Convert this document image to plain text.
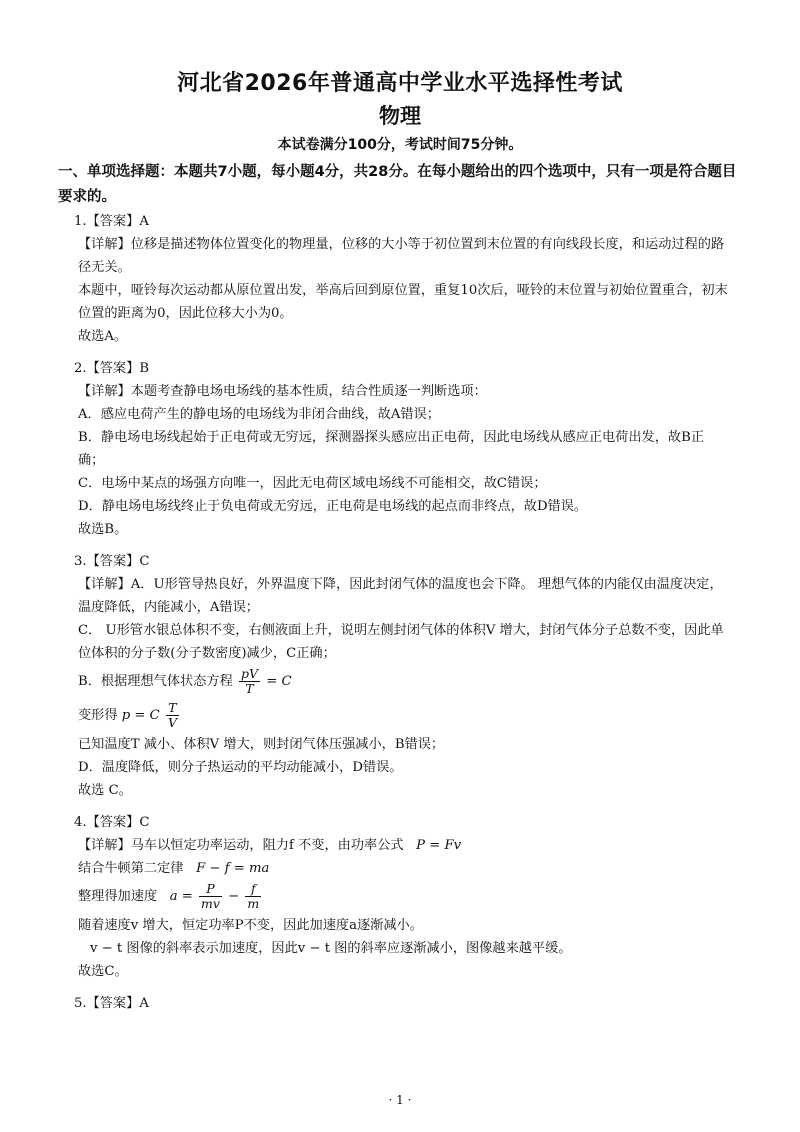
河北省2026年普通高中学业水平选择性考试
物理
本试卷满分100分，考试时间75分钟。
一、单项选择题：本题共7小题，每小题4分，共28分。在每小题给出的四个选项中，只有一项是符合题目要求的。

1.【答案】A

【详解】位移是描述物体位置变化的物理量，位移的大小等于初位置到末位置的有向线段长度，和运动过程的路径无关。

本题中，哑铃每次运动都从原位置出发，举高后回到原位置，重复10次后，哑铃的末位置与初始位置重合，初末位置的距离为0，因此位移大小为0。

故选A。

2.【答案】B

【详解】本题考查静电场电场线的基本性质，结合性质逐一判断选项：

A．感应电荷产生的静电场的电场线为非闭合曲线，故A错误；

B．静电场电场线起始于正电荷或无穷远，探测器探头感应出正电荷，因此电场线从感应正电荷出发，故B正确；

C．电场中某点的场强方向唯一，因此无电荷区域电场线不可能相交，故C错误；

D．静电场电场线终止于负电荷或无穷远，正电荷是电场线的起点而非终点，故D错误。

故选B。

3.【答案】C

【详解】A．U形管导热良好，外界温度下降，因此封闭气体的温度也会下降。 理想气体的内能仅由温度决定，温度降低，内能减小，A错误；

C． U形管水银总体积不变，右侧液面上升，说明左侧封闭气体的体积V 增大，封闭气体分子总数不变，因此单位体积的分子数(分子数密度)减少，C正确；

B．根据理想气体状态方程 $\frac{pV}{T} = C$

变形得 p = C $\frac{T}{V}$

已知温度T 减小、体积V 增大，则封闭气体压强减小，B错误；

D．温度降低，则分子热运动的平均动能减小，D错误。

故选 C。

4.【答案】C

【详解】马车以恒定功率运动，阻力f 不变，由功率公式 P = Fv

结合牛顿第二定律 F − f = ma

整理得加速度 $a = \frac{P}{mv} - \frac{f}{m}$

随着速度v 增大，恒定功率P不变，因此加速度a逐渐减小。

v − t 图像的斜率表示加速度，因此v − t 图的斜率应逐渐减小，图像越来越平缓。

故选C。

5.【答案】A

· 1 ·
